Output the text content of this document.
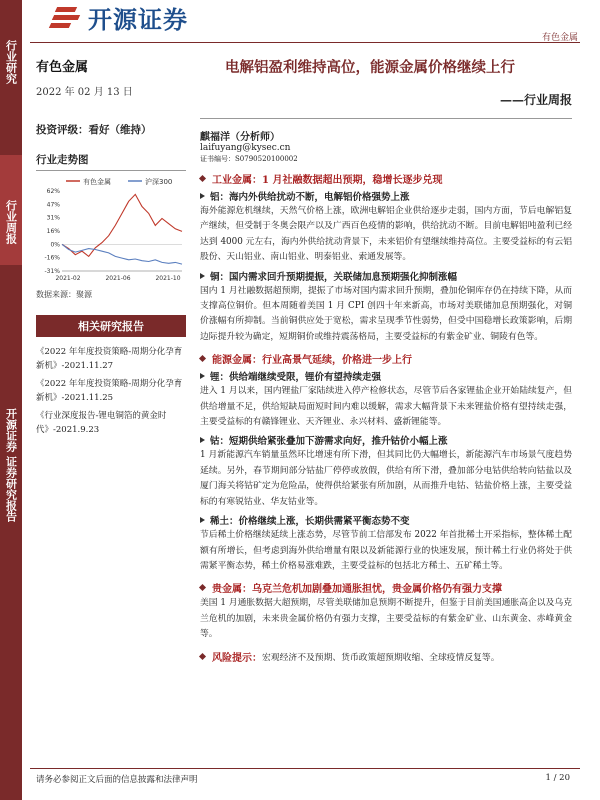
行业研究
行业周报
开源证券 证券研究报告
开源证券
有色金属
有色金属
2022 年 02 月 13 日
投资评级：看好（维持）
行业走势图
有色金属	沪深300
62%
47%
31%
16%
0%
-16%
-31%
2021-02	2021-06	2021-10
数据来源：聚源
相关研究报告

《2022 年年度投资策略-周期分化孕育新机》-2021.11.27

《2022 年年度投资策略-周期分化孕育新机》-2021.11.25

《行业深度报告-锂电铜箔的黄金时代》-2021.9.23

电解铝盈利维持高位，能源金属价格继续上行
——行业周报
麒福洋（分析师）
laifuyang@kysec.cn
证书编号：S0790520100002
工业金属：1 月社融数据超出预期，稳增长逐步兑现
铝：海内外供给扰动不断，电解铝价格强势上涨
海外能源危机继续，天然气价格上涨，欧洲电解铝企业供给逐步走弱，国内方面，节后电解铝复产继续，但受制于冬奥会限产以及广西百色疫情的影响，供给扰动不断。目前电解铝吨盈利已经达到 4000 元左右，海内外供给扰动背景下，未来铝价有望继续维持高位。主要受益标的有云铝股份、天山铝业、南山铝业、明泰铝业、索通发展等。
铜：国内需求回升预期提振，关联储加息预期强化抑制涨幅
国内 1 月社融数据超预期，提振了市场对国内需求回升预期，叠加伦铜库存仍在持续下降，从而支撑高位铜价。但本周随着美国 1 月 CPI 创四十年来新高，市场对美联储加息预期强化，对铜价涨幅有所抑制。当前铜供应处于宽松，需求呈现季节性弱势，但受中国稳增长政策影响，后期边际提升较为确定，短期铜价或维持震荡格局，主要受益标的有紫金矿业、铜陵有色等。
能源金属：行业高景气延续，价格进一步上行
锂：供给端继续受限，锂价有望持续走强
进入 1 月以来，国内锂盐厂家陆续进入停产检修状态，尽管节后各家锂盐企业开始陆续复产，但供给增量不足，供给短缺局面短时间内难以缓解，需求大幅背景下未来锂盐价格有望持续走强，主要受益标的有赣锋锂业、天齐锂业、永兴材料、盛新锂能等。
钴：短期供给紧张叠加下游需求向好，推升钴价小幅上涨
1 月新能源汽车销量虽然环比增速有所下滑，但其同比仍大幅增长，新能源汽车市场景气度趋势延续。另外，春节期间部分钴盐厂停停或放假，供给有所下滑，叠加部分电钴供给转向钴盐以及厦门海关将钴矿定为危险品，使得供给紧张有所加剧，从而推升电钴、钴盐价格上涨，主要受益标的有寒锐钴业、华友钴业等。
稀土：价格继续上涨，长期供需紧平衡态势不变
节后稀土价格继续延续上涨态势，尽管节前工信部发布 2022 年首批稀土开采指标，整体稀土配额有所增长，但考虑到海外供给增量有限以及新能源行业的快速发展，预计稀土行业仍将处于供需紧平衡态势，稀土价格易涨难跌，主要受益标的包括北方稀土、五矿稀土等。
贵金属：乌克兰危机加剧叠加通胀担忧，贵金属价格仍有强力支撑
美国 1 月通胀数据大超预期，尽管美联储加息预期不断提升，但鉴于目前美国通胀高企以及乌克兰危机的加剧，未来贵金属价格仍有强力支撑，主要受益标的有紫金矿业、山东黄金、赤峰黄金等。
风险提示： 宏观经济不及预期、货币政策超预期收缩、全球疫情反复等。
请务必参阅正文后面的信息披露和法律声明	1 / 20
